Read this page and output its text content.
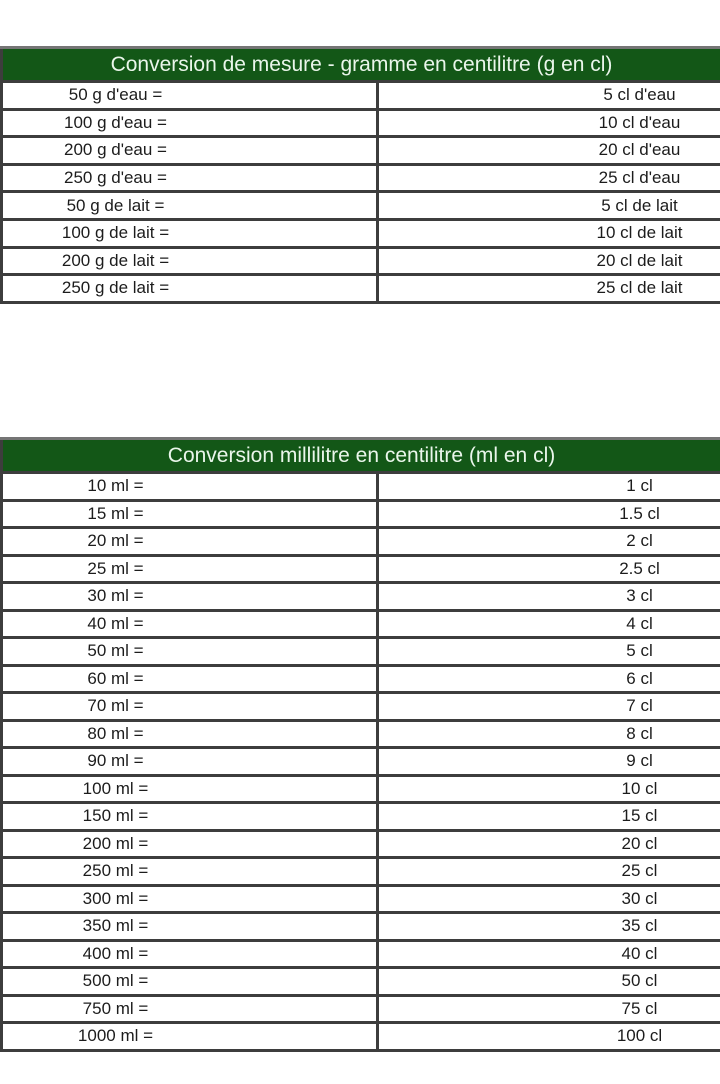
Conversion de mesure - gramme en centilitre (g en cl)	
50 g d'eau =	5 cl d'eau
100 g d'eau =	10 cl d'eau
200 g d'eau =	20 cl d'eau
250 g d'eau =	25 cl d'eau
50 g de lait =	5 cl de lait
100 g de lait =	10 cl de lait
200 g de lait =	20 cl de lait
250 g de lait =	25 cl de lait
Conversion millilitre en centilitre (ml en cl)	
10 ml =	1 cl
15 ml =	1.5 cl
20 ml =	2 cl
25 ml =	2.5 cl
30 ml =	3 cl
40 ml =	4 cl
50 ml =	5 cl
60 ml =	6 cl
70 ml =	7 cl
80 ml =	8 cl
90 ml =	9 cl
100 ml =	10 cl
150 ml =	15 cl
200 ml =	20 cl
250 ml =	25 cl
300 ml =	30 cl
350 ml =	35 cl
400 ml =	40 cl
500 ml =	50 cl
750 ml =	75 cl
1000 ml =	100 cl
